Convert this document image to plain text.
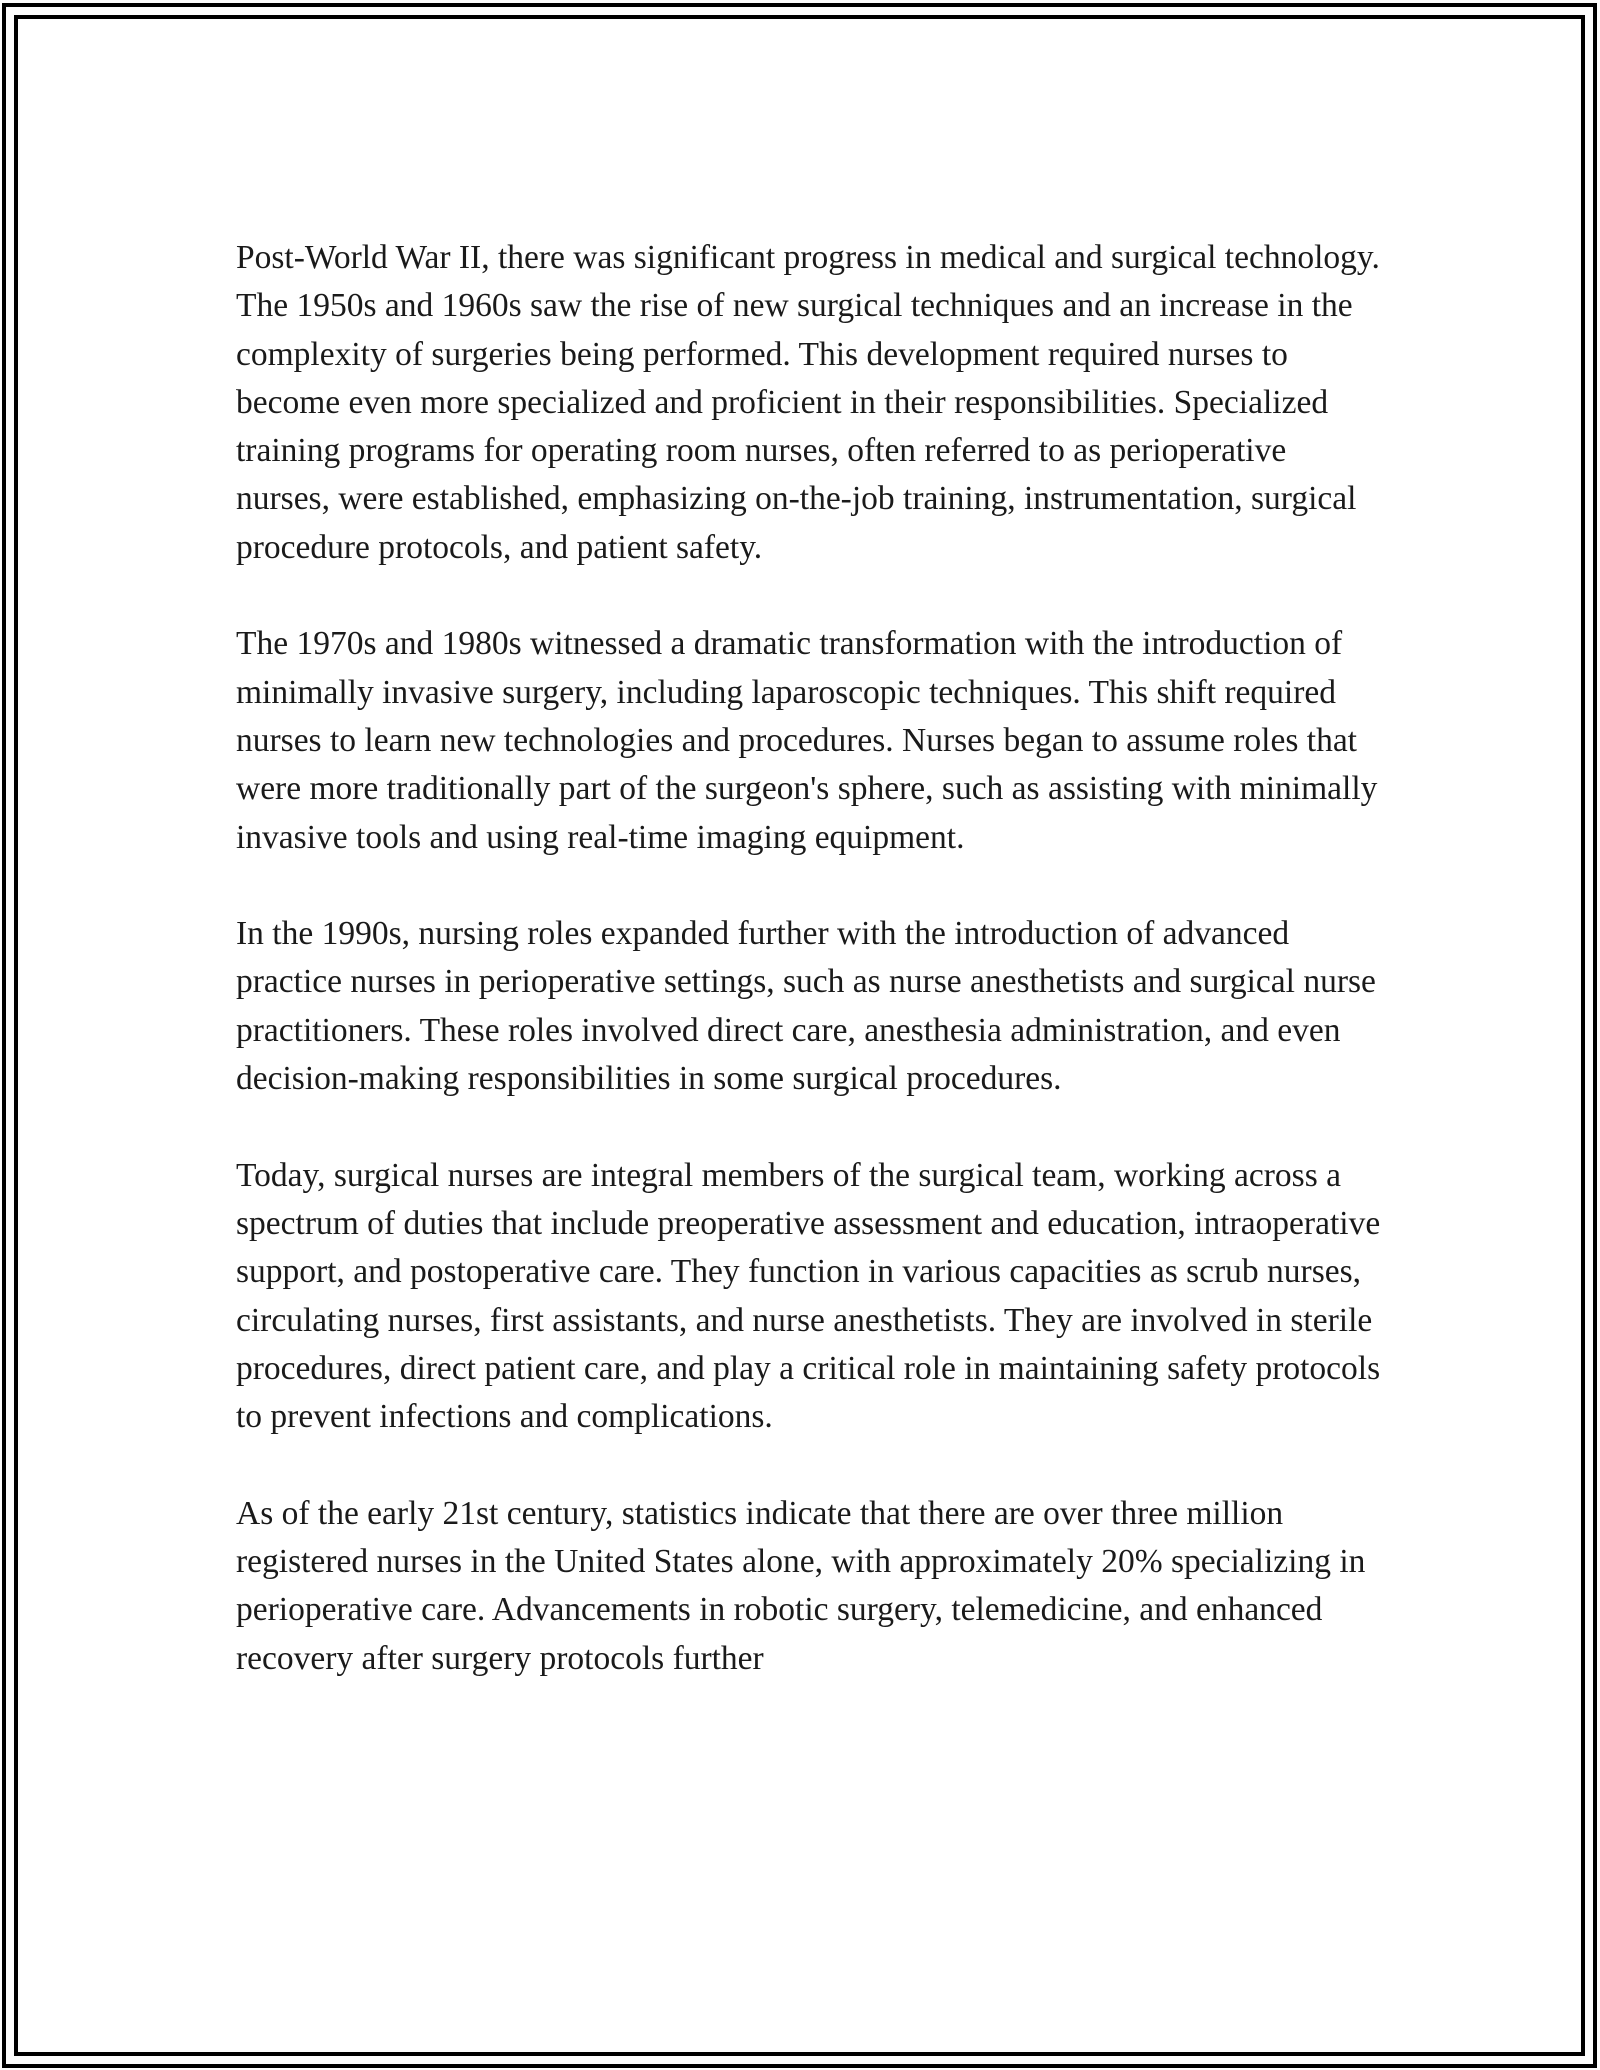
Post-World War II, there was significant progress in medical and surgical technology. The 1950s and 1960s saw the rise of new surgical techniques and an increase in the complexity of surgeries being performed. This development required nurses to become even more specialized and proficient in their responsibilities. Specialized training programs for operating room nurses, often referred to as perioperative nurses, were established, emphasizing on-the-job training, instrumentation, surgical procedure protocols, and patient safety.

The 1970s and 1980s witnessed a dramatic transformation with the introduction of minimally invasive surgery, including laparoscopic techniques. This shift required nurses to learn new technologies and procedures. Nurses began to assume roles that were more traditionally part of the surgeon's sphere, such as assisting with minimally invasive tools and using real-time imaging equipment.

In the 1990s, nursing roles expanded further with the introduction of advanced practice nurses in perioperative settings, such as nurse anesthetists and surgical nurse practitioners. These roles involved direct care, anesthesia administration, and even decision-making responsibilities in some surgical procedures.

Today, surgical nurses are integral members of the surgical team, working across a spectrum of duties that include preoperative assessment and education, intraoperative support, and postoperative care. They function in various capacities as scrub nurses, circulating nurses, first assistants, and nurse anesthetists. They are involved in sterile procedures, direct patient care, and play a critical role in maintaining safety protocols to prevent infections and complications.

As of the early 21st century, statistics indicate that there are over three million registered nurses in the United States alone, with approximately 20% specializing in perioperative care. Advancements in robotic surgery, telemedicine, and enhanced recovery after surgery protocols further
